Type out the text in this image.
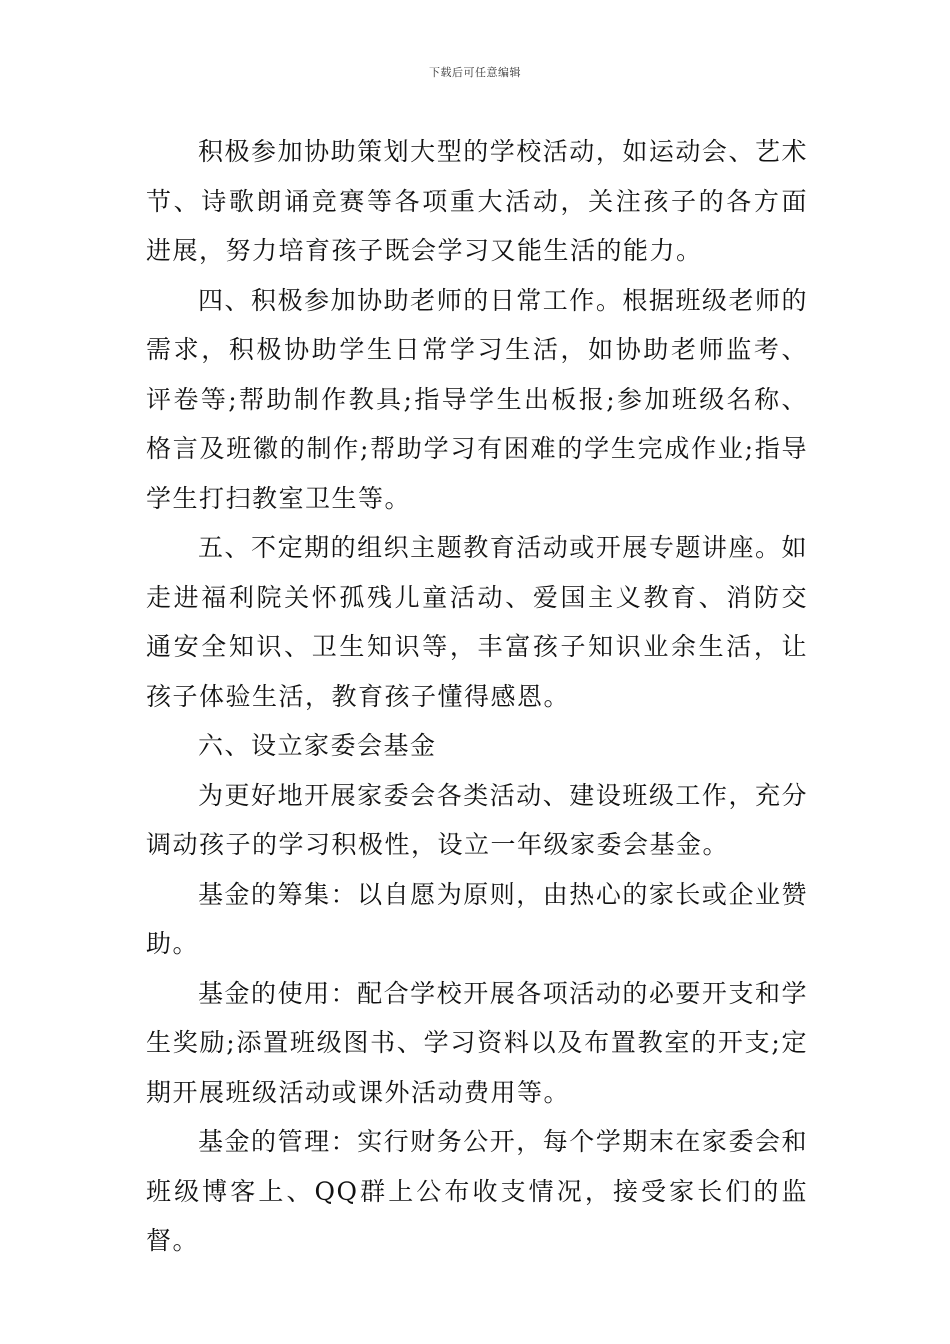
下载后可任意编辑

积极参加协助策划大型的学校活动，如运动会、艺术节、诗歌朗诵竞赛等各项重大活动，关注孩子的各方面进展，努力培育孩子既会学习又能生活的能力。

四、积极参加协助老师的日常工作。根据班级老师的需求，积极协助学生日常学习生活，如协助老师监考、评卷等;帮助制作教具;指导学生出板报;参加班级名称、格言及班徽的制作;帮助学习有困难的学生完成作业;指导学生打扫教室卫生等。

五、不定期的组织主题教育活动或开展专题讲座。如走进福利院关怀孤残儿童活动、爱国主义教育、消防交通安全知识、卫生知识等，丰富孩子知识业余生活，让孩子体验生活，教育孩子懂得感恩。

六、设立家委会基金

为更好地开展家委会各类活动、建设班级工作，充分调动孩子的学习积极性，设立一年级家委会基金。

基金的筹集：以自愿为原则，由热心的家长或企业赞助。

基金的使用：配合学校开展各项活动的必要开支和学生奖励;添置班级图书、学习资料以及布置教室的开支;定期开展班级活动或课外活动费用等。

基金的管理：实行财务公开，每个学期末在家委会和班级博客上、QQ群上公布收支情况，接受家长们的监督。
